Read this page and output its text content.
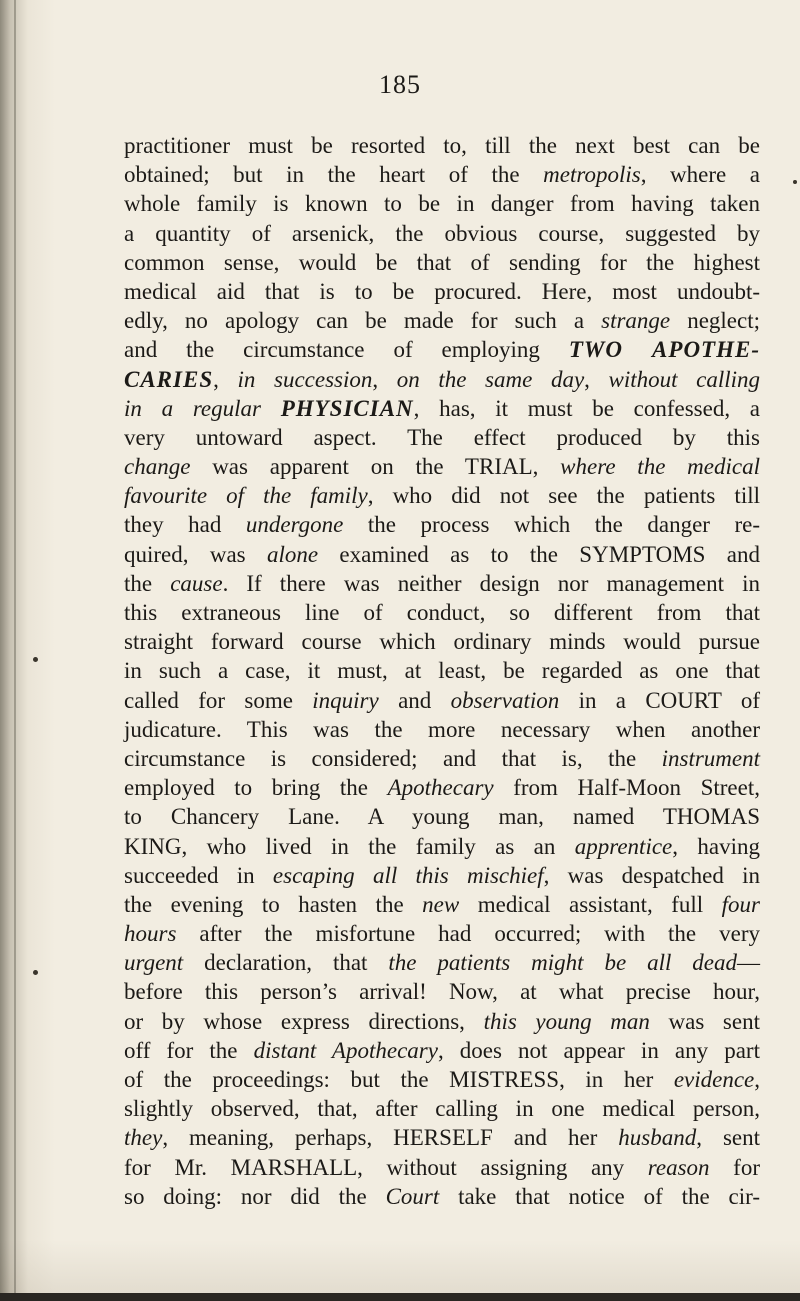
185

practitioner must be resorted to, till the next best can be
obtained; but in the heart of the metropolis, where a
whole family is known to be in danger from having taken
a quantity of arsenick, the obvious course, suggested by
common sense, would be that of sending for the highest
medical aid that is to be procured. Here, most undoubt-
edly, no apology can be made for such a strange neglect;
and the circumstance of employing TWO APOTHE-
CARIES, in succession, on the same day, without calling
in a regular PHYSICIAN, has, it must be confessed, a
very untoward aspect. The effect produced by this
change was apparent on the TRIAL, where the medical
favourite of the family, who did not see the patients till
they had undergone the process which the danger re-
quired, was alone examined as to the SYMPTOMS and
the cause. If there was neither design nor management in
this extraneous line of conduct, so different from that
straight forward course which ordinary minds would pursue
in such a case, it must, at least, be regarded as one that
called for some inquiry and observation in a COURT of
judicature. This was the more necessary when another
circumstance is considered; and that is, the instrument
employed to bring the Apothecary from Half-Moon Street,
to Chancery Lane. A young man, named THOMAS
KING, who lived in the family as an apprentice, having
succeeded in escaping all this mischief, was despatched in
the evening to hasten the new medical assistant, full four
hours after the misfortune had occurred; with the very
urgent declaration, that the patients might be all dead—
before this person’s arrival! Now, at what precise hour,
or by whose express directions, this young man was sent
off for the distant Apothecary, does not appear in any part
of the proceedings: but the MISTRESS, in her evidence,
slightly observed, that, after calling in one medical person,
they, meaning, perhaps, HERSELF and her husband, sent
for Mr. MARSHALL, without assigning any reason for
so doing: nor did the Court take that notice of the cir-
